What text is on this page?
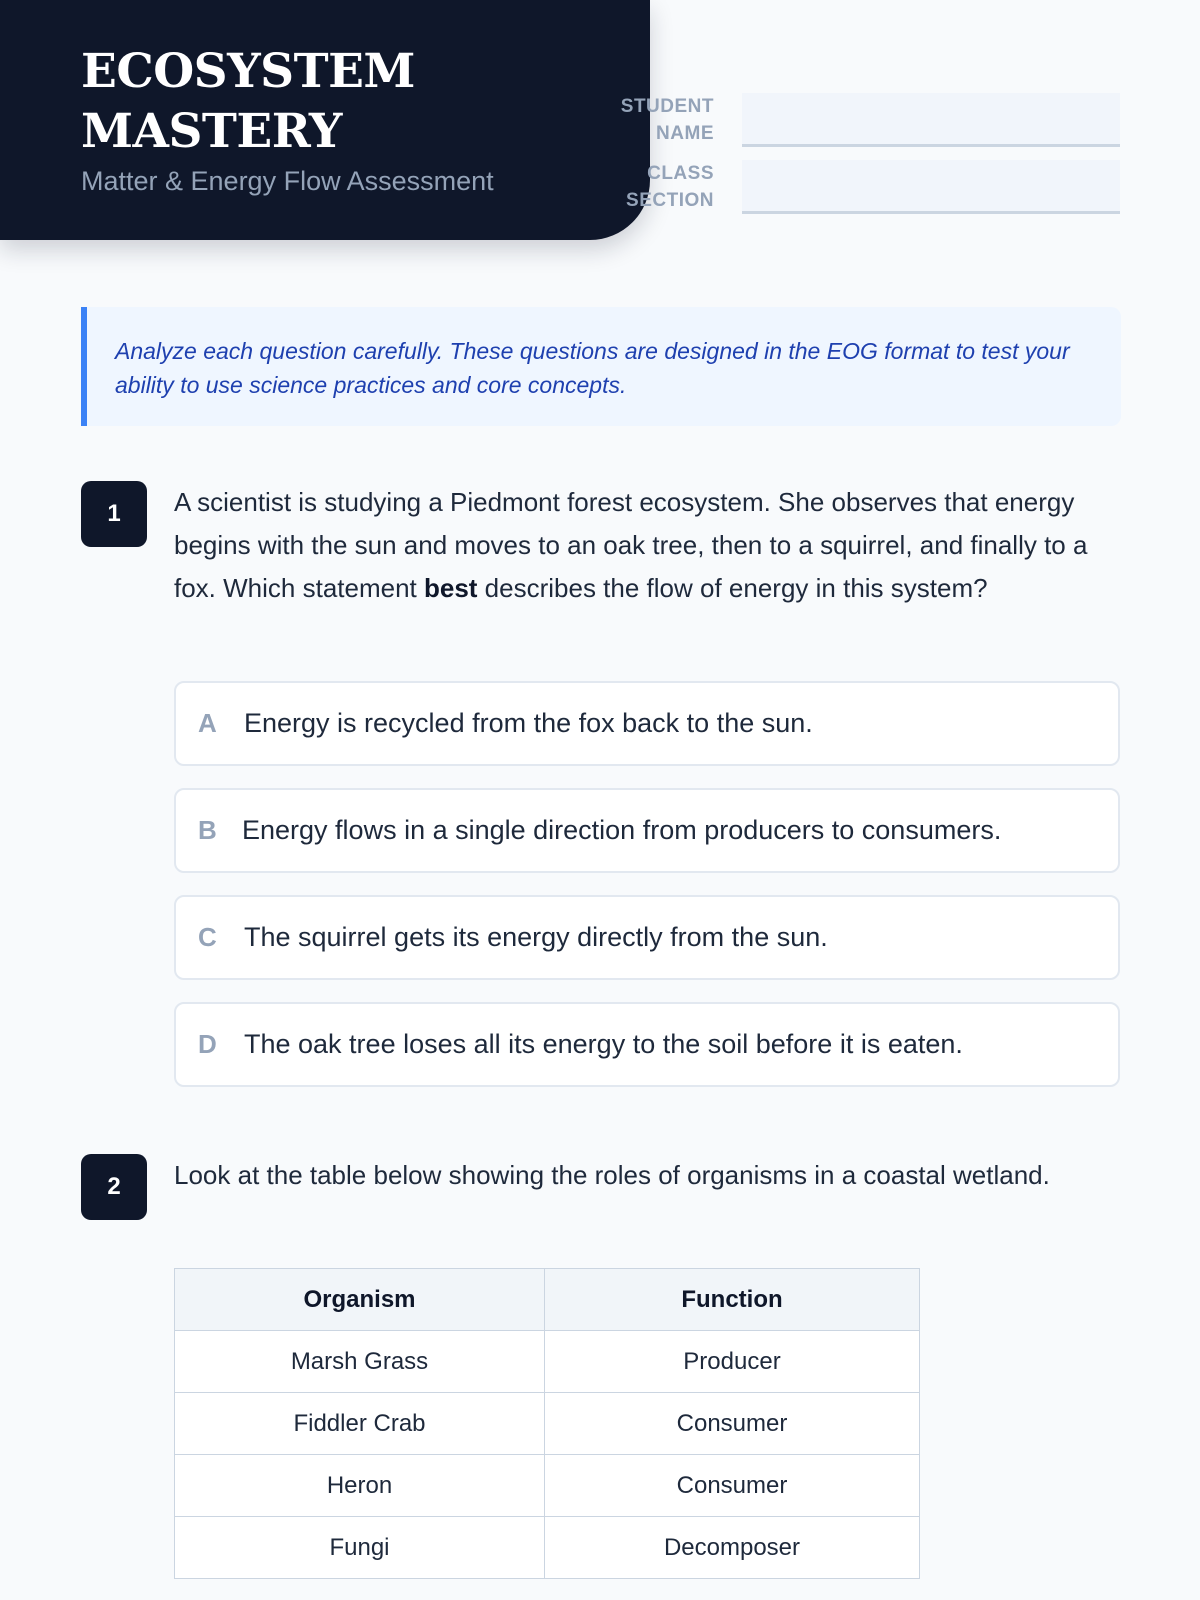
ECOSYSTEM MASTERY
Matter & Energy Flow Assessment
STUDENT NAME
CLASS SECTION

Analyze each question carefully. These questions are designed in the EOG format to test your ability to use science practices and core concepts.

1	A scientist is studying a Piedmont forest ecosystem. She observes that energy begins with the sun and moves to an oak tree, then to a squirrel, and finally to a fox. Which statement best describes the flow of energy in this system?

A Energy is recycled from the fox back to the sun.
B Energy flows in a single direction from producers to consumers.
C The squirrel gets its energy directly from the sun.
D The oak tree loses all its energy to the soil before it is eaten.
2	Look at the table below showing the roles of organisms in a coastal wetland.

Organism	Function
Marsh Grass	Producer
Fiddler Crab	Consumer
Heron	Consumer
Fungi	Decomposer
